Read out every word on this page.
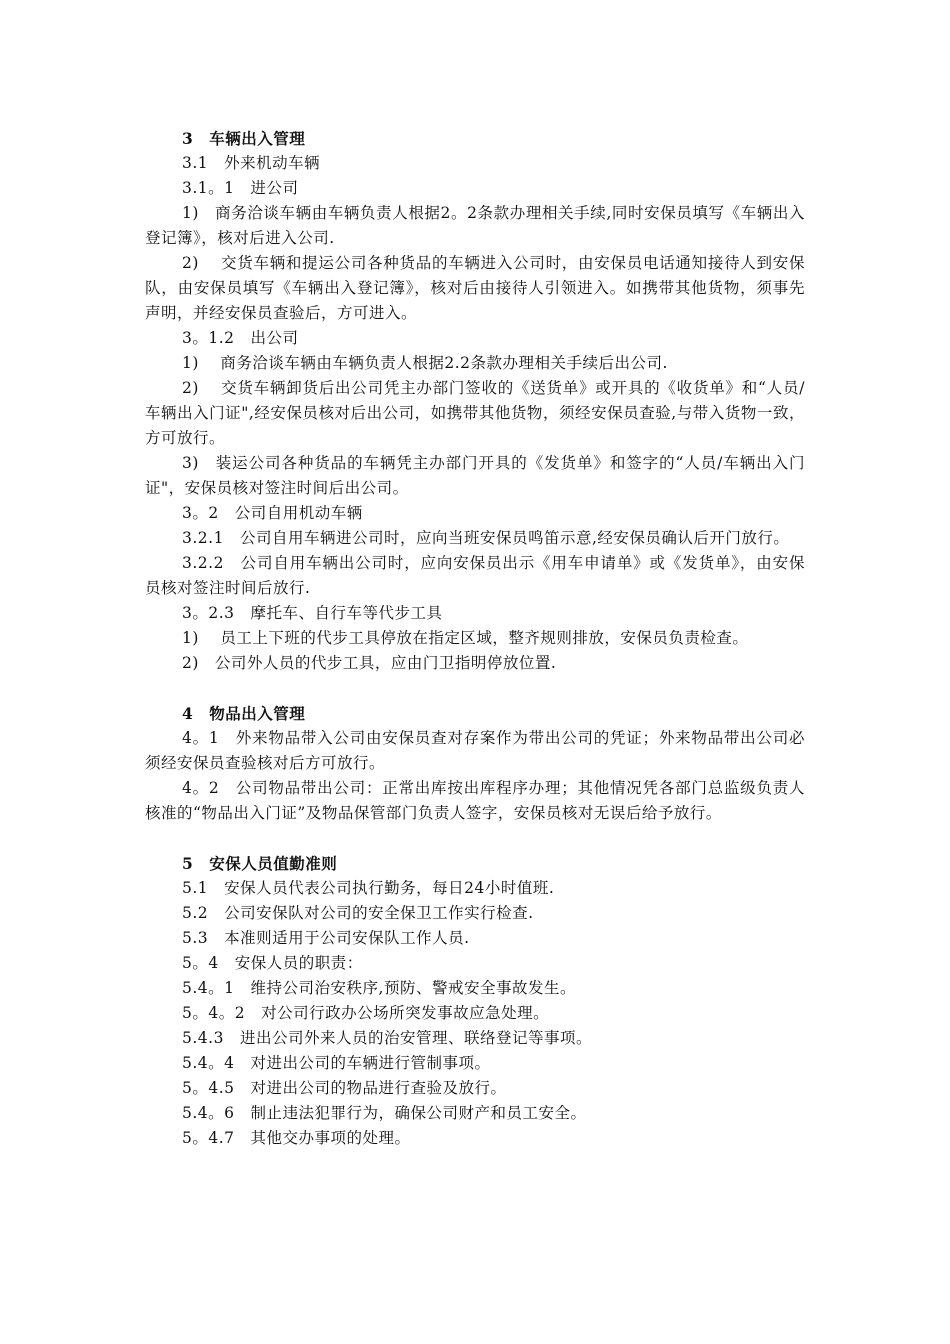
3　车辆出入管理

3.1　外来机动车辆

3.1。1　进公司

1)　商务洽谈车辆由车辆负责人根据2。2条款办理相关手续,同时安保员填写《车辆出入登记簿》，核对后进入公司.

2)　 交货车辆和提运公司各种货品的车辆进入公司时，由安保员电话通知接待人到安保队，由安保员填写《车辆出入登记簿》，核对后由接待人引领进入。如携带其他货物，须事先声明，并经安保员查验后，方可进入。

3。1.2　出公司

1)　 商务洽谈车辆由车辆负责人根据2.2条款办理相关手续后出公司.

2)　 交货车辆卸货后出公司凭主办部门签收的《送货单》或开具的《收货单》和“人员/车辆出入门证",经安保员核对后出公司，如携带其他货物，须经安保员查验,与带入货物一致，方可放行。

3)　装运公司各种货品的车辆凭主办部门开具的《发货单》和签字的“人员/车辆出入门证"，安保员核对签注时间后出公司。

3。2　公司自用机动车辆

3.2.1　公司自用车辆进公司时，应向当班安保员鸣笛示意,经安保员确认后开门放行。

3.2.2　公司自用车辆出公司时，应向安保员出示《用车申请单》或《发货单》，由安保员核对签注时间后放行.

3。2.3　摩托车、自行车等代步工具

1)　 员工上下班的代步工具停放在指定区域，整齐规则排放，安保员负责检查。

2)　公司外人员的代步工具，应由门卫指明停放位置.

4　物品出入管理

4。1　外来物品带入公司由安保员查对存案作为带出公司的凭证；外来物品带出公司必须经安保员查验核对后方可放行。

4。2　公司物品带出公司：正常出库按出库程序办理；其他情况凭各部门总监级负责人核准的“物品出入门证”及物品保管部门负责人签字，安保员核对无误后给予放行。

5　安保人员值勤准则

5.1　安保人员代表公司执行勤务，每日24小时值班.

5.2　公司安保队对公司的安全保卫工作实行检查.

5.3　本准则适用于公司安保队工作人员.

5。4　安保人员的职责：

5.4。1　维持公司治安秩序,预防、警戒安全事故发生。

5。4。2　对公司行政办公场所突发事故应急处理。

5.4.3　进出公司外来人员的治安管理、联络登记等事项。

5.4。4　对进出公司的车辆进行管制事项。

5。4.5　对进出公司的物品进行查验及放行。

5.4。6　制止违法犯罪行为，确保公司财产和员工安全。

5。4.7　其他交办事项的处理。
